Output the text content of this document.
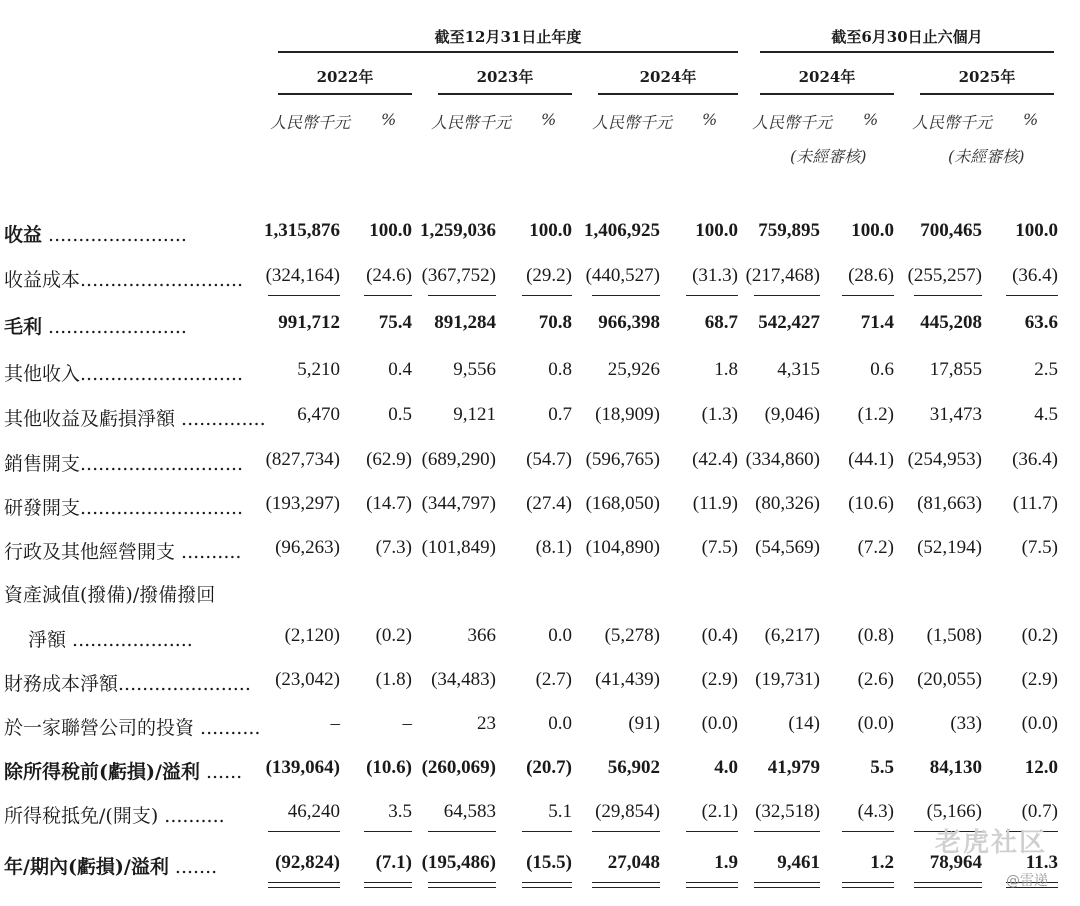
截至12月31日止年度	截至6月30日止六個月
2022年	2023年	2024年	2024年	2025年
人民幣千元 % 人民幣千元 % 人民幣千元 % 人民幣千元 % 人民幣千元 %
(未經審核)	(未經審核)
收益 .......................	1,315,876 100.0 1,259,036 100.0 1,406,925 100.0 759,895 100.0 700,465 100.0
收益成本...........................	(324,164) (24.6) (367,752) (29.2) (440,527) (31.3) (217,468) (28.6) (255,257) (36.4)
毛利 .......................	991,712 75.4 891,284 70.8 966,398 68.7 542,427 71.4 445,208 63.6
其他收入...........................	5,210	0.4 9,556	0.8 25,926	1.8 4,315	0.6 17,855	2.5
其他收益及虧損淨額 .............. 6,470	0.5 9,121	0.7 (18,909) (1.3) (9,046) (1.2) 31,473	4.5
銷售開支...........................	(827,734) (62.9) (689,290) (54.7) (596,765) (42.4) (334,860) (44.1) (254,953) (36.4)
研發開支...........................	(193,297) (14.7) (344,797) (27.4) (168,050) (11.9) (80,326) (10.6) (81,663) (11.7)
行政及其他經營開支 ..........	(96,263) (7.3) (101,849) (8.1) (104,890) (7.5) (54,569) (7.2) (52,194) (7.5)
資產減值(撥備)/撥備撥回
淨額 ....................	(2,120) (0.2)	366	0.0 (5,278) (0.4) (6,217) (0.8) (1,508) (0.2)
財務成本淨額...................... (23,042) (1.8) (34,483) (2.7) (41,439) (2.9) (19,731) (2.6) (20,055) (2.9)
於一家聯營公司的投資 ..........	–	–	23	0.0	(91) (0.0)	(14) (0.0)	(33) (0.0)
除所得稅前(虧損)/溢利 ......	(139,064) (10.6) (260,069) (20.7) 56,902	4.0 41,979	5.5 84,130 12.0
所得稅抵免/(開支) ..........	46,240	3.5 64,583	5.1 (29,854) (2.1) (32,518) (4.3) (5,166) (0.7)
年/期內(虧損)/溢利 .......	(92,824) (7.1) (195,486) (15.5) 27,048	1.9 9,461	1.2 78,964 11.3
老虎社区
@雷递
